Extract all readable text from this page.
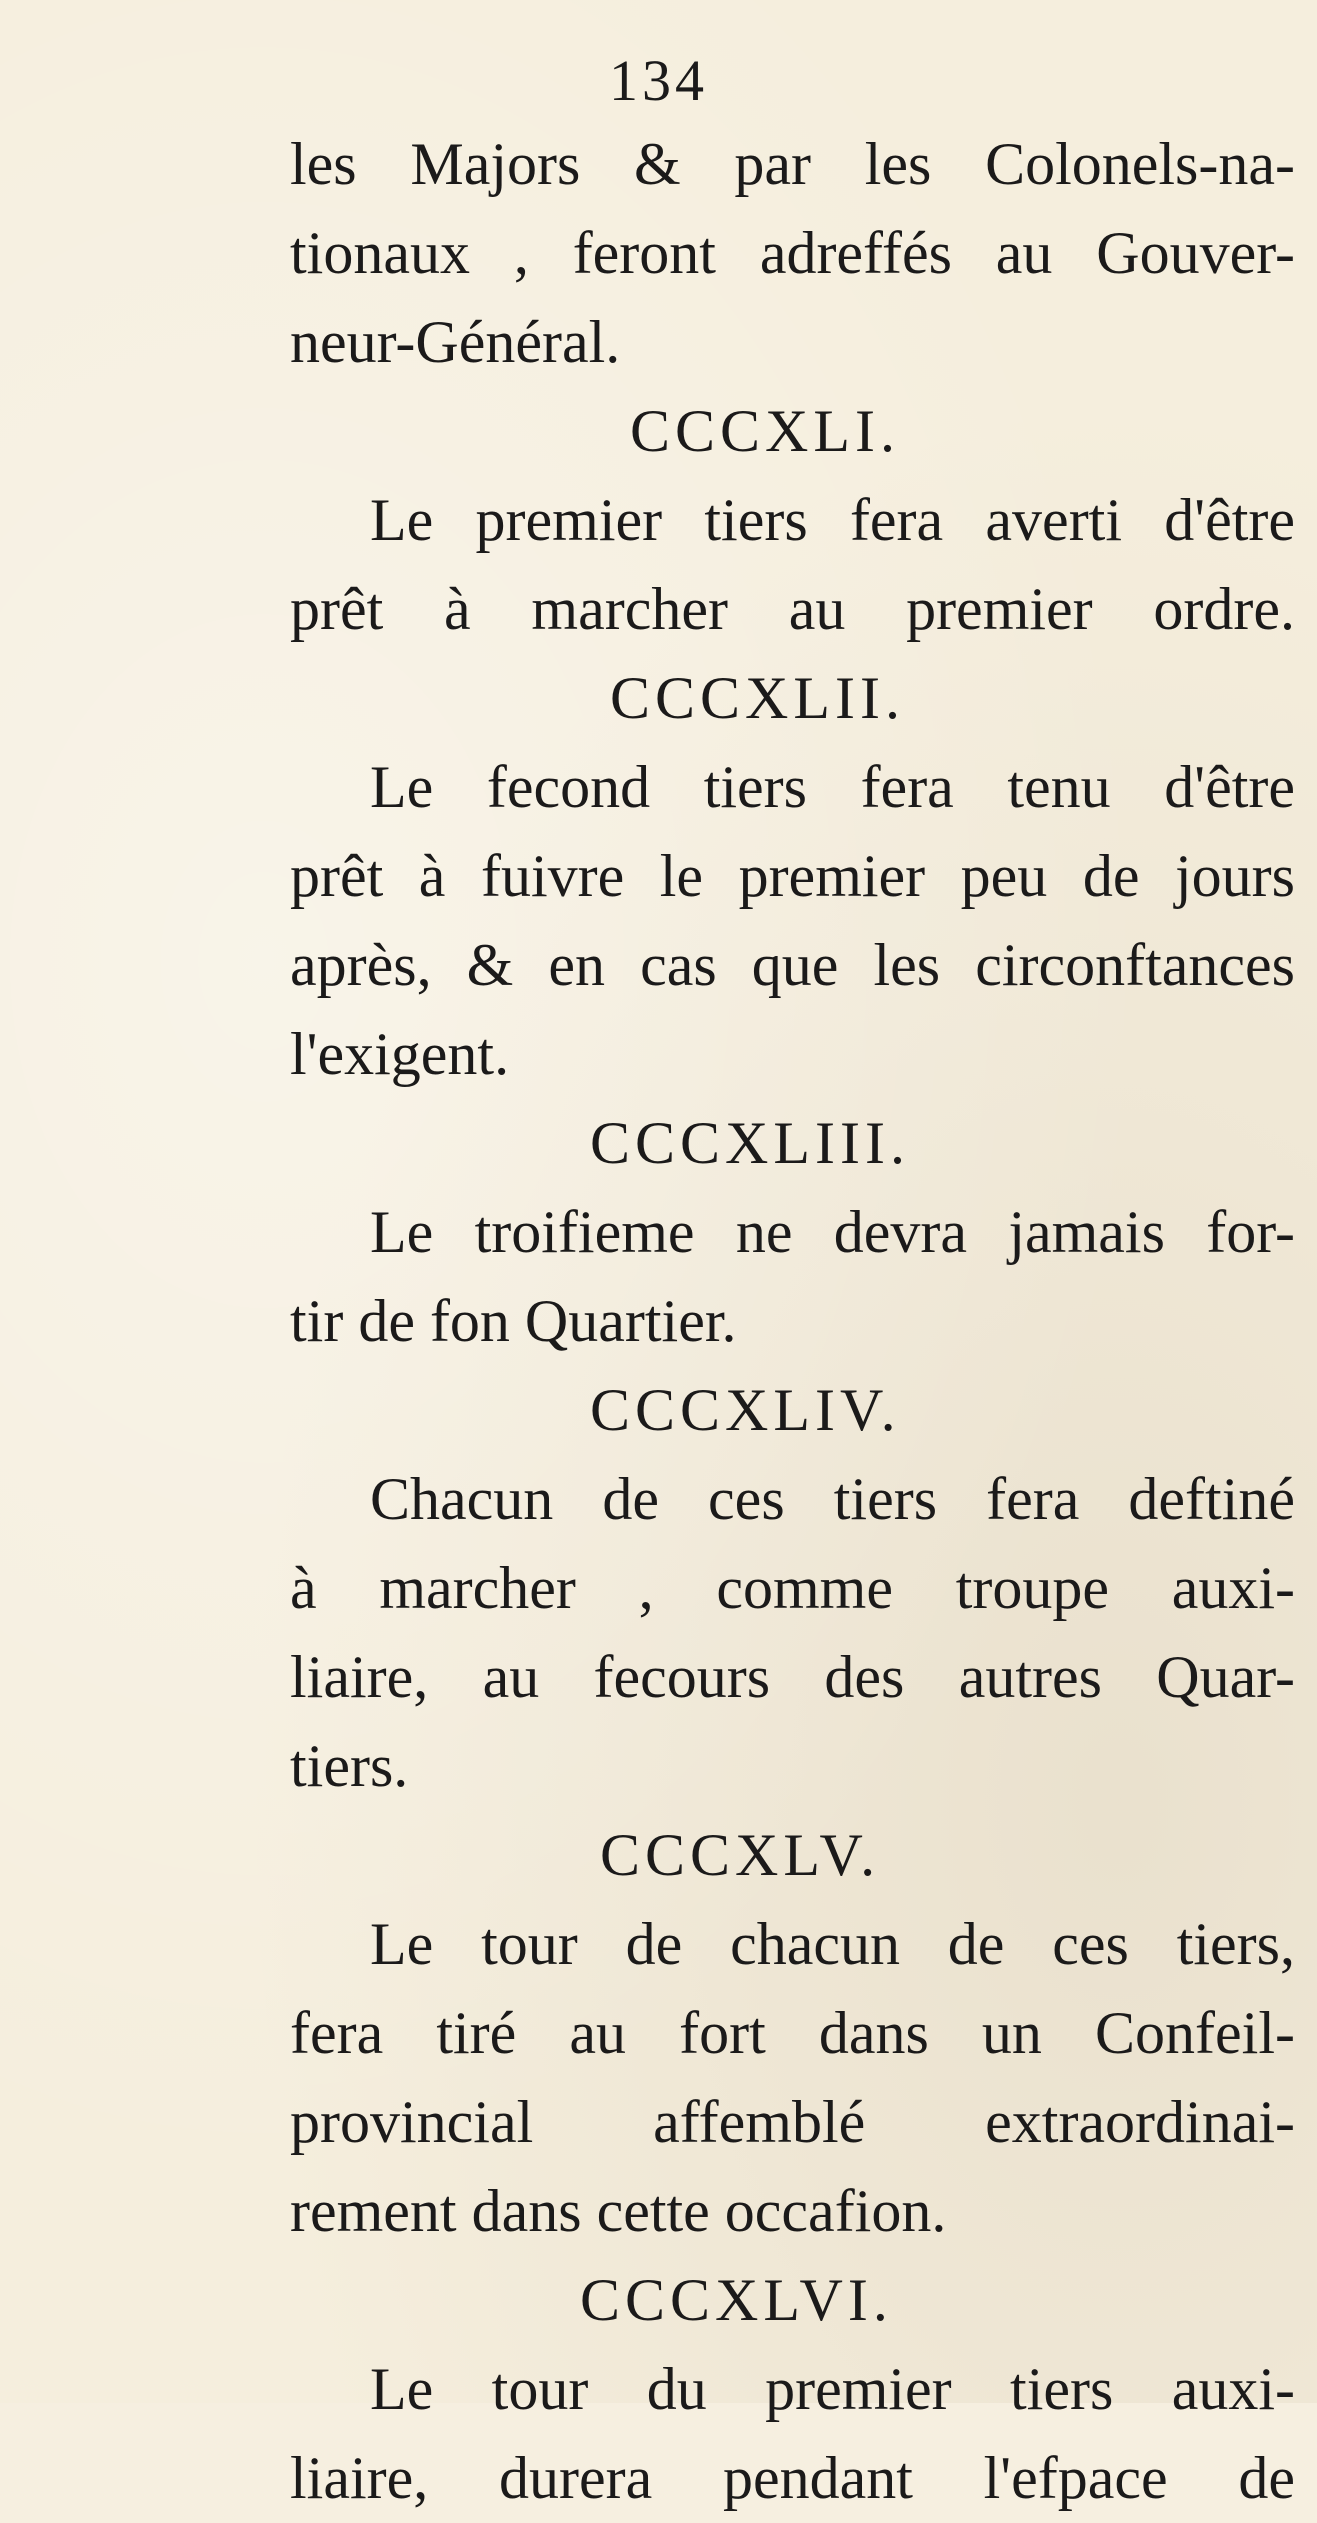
134
les Majors & par les Colonels-na-
tionaux , feront adreffés au Gouver-
neur-Général.
CCCXLI.
Le premier tiers fera averti d'être
prêt à marcher au premier ordre.
CCCXLII.
Le fecond tiers fera tenu d'être
prêt à fuivre le premier peu de jours
après, & en cas que les circonftances
l'exigent.
CCCXLIII.
Le troifieme ne devra jamais for-
tir de fon Quartier.
CCCXLIV.
Chacun de ces tiers fera deftiné
à marcher , comme troupe auxi-
liaire, au fecours des autres Quar-
tiers.
CCCXLV.
Le tour de chacun de ces tiers,
fera tiré au fort dans un Confeil-
provincial affemblé extraordinai-
rement dans cette occafion.
CCCXLVI.
Le tour du premier tiers auxi-
liaire, durera pendant l'efpace de
